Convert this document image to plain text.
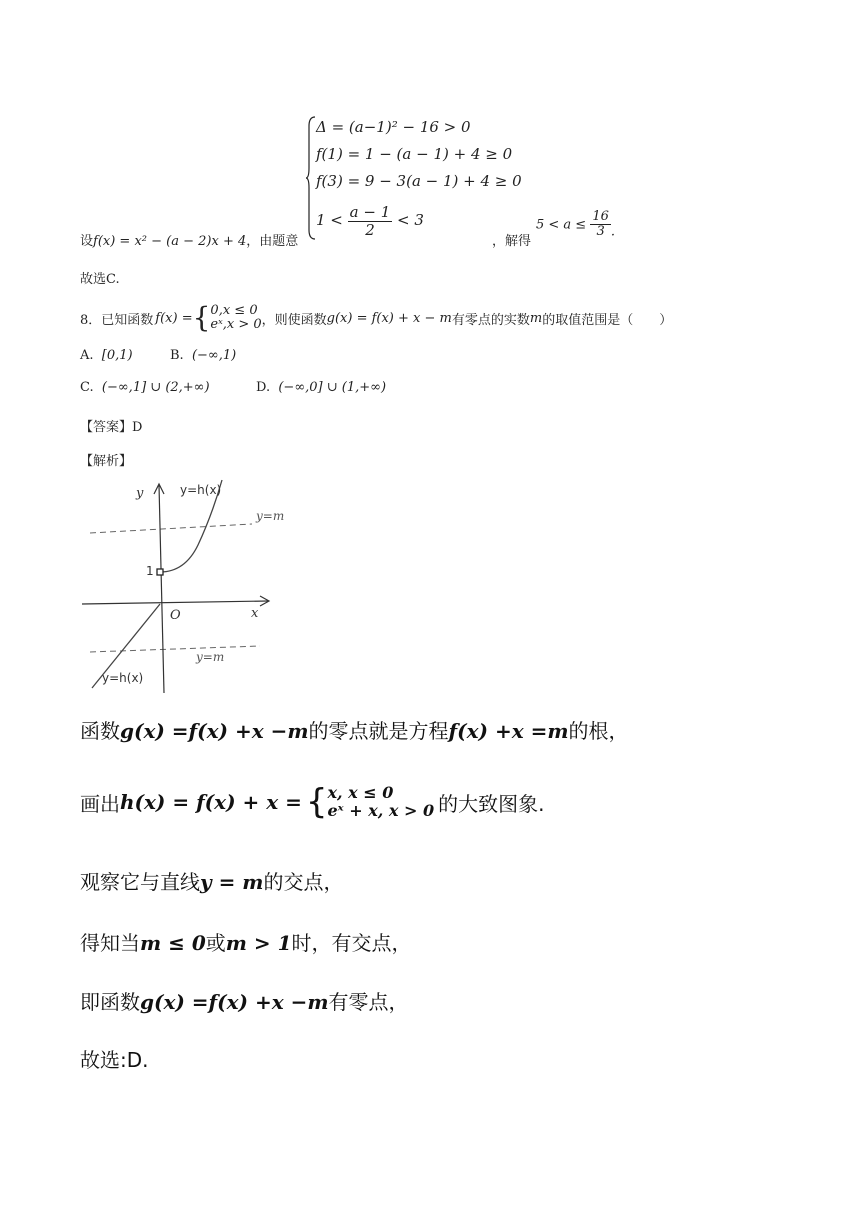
Δ = (a−1)² − 16 > 0
f(1) = 1 − (a − 1) + 4 ≥ 0
f(3) = 9 − 3(a − 1) + 4 ≥ 0
$1 < \frac{a - 1}{2} < 3$
设f(x) = x² − (a − 2)x + 4，由题意	，解得
$5 < a \le \frac{16}{3}$ .
故选C.
8．已知函数 f(x) = { 0,x ≤ 0
eˣ,x > 0 ，则使函数 g(x) = f(x) + x − m 有零点的实数 m 的取值范围是（　　）
A. [0,1)	B. (−∞,1)
C. (−∞,1] ∪ (2,+∞)	D. (−∞,0] ∪ (1,+∞)
【答案】D
【解析】
y
x
O
1
y=h(x)
y=m
y=m
y=h(x)
函数g(x) =f(x) +x −m的零点就是方程f(x) +x =m的根，
画出 h(x) = f(x) + x = { x, x ≤ 0
eˣ + x, x > 0 的大致图象.
观察它与直线y = m的交点，
得知当m ≤ 0或m > 1时，有交点，
即函数g(x) =f(x) +x −m有零点，
故选:D.
